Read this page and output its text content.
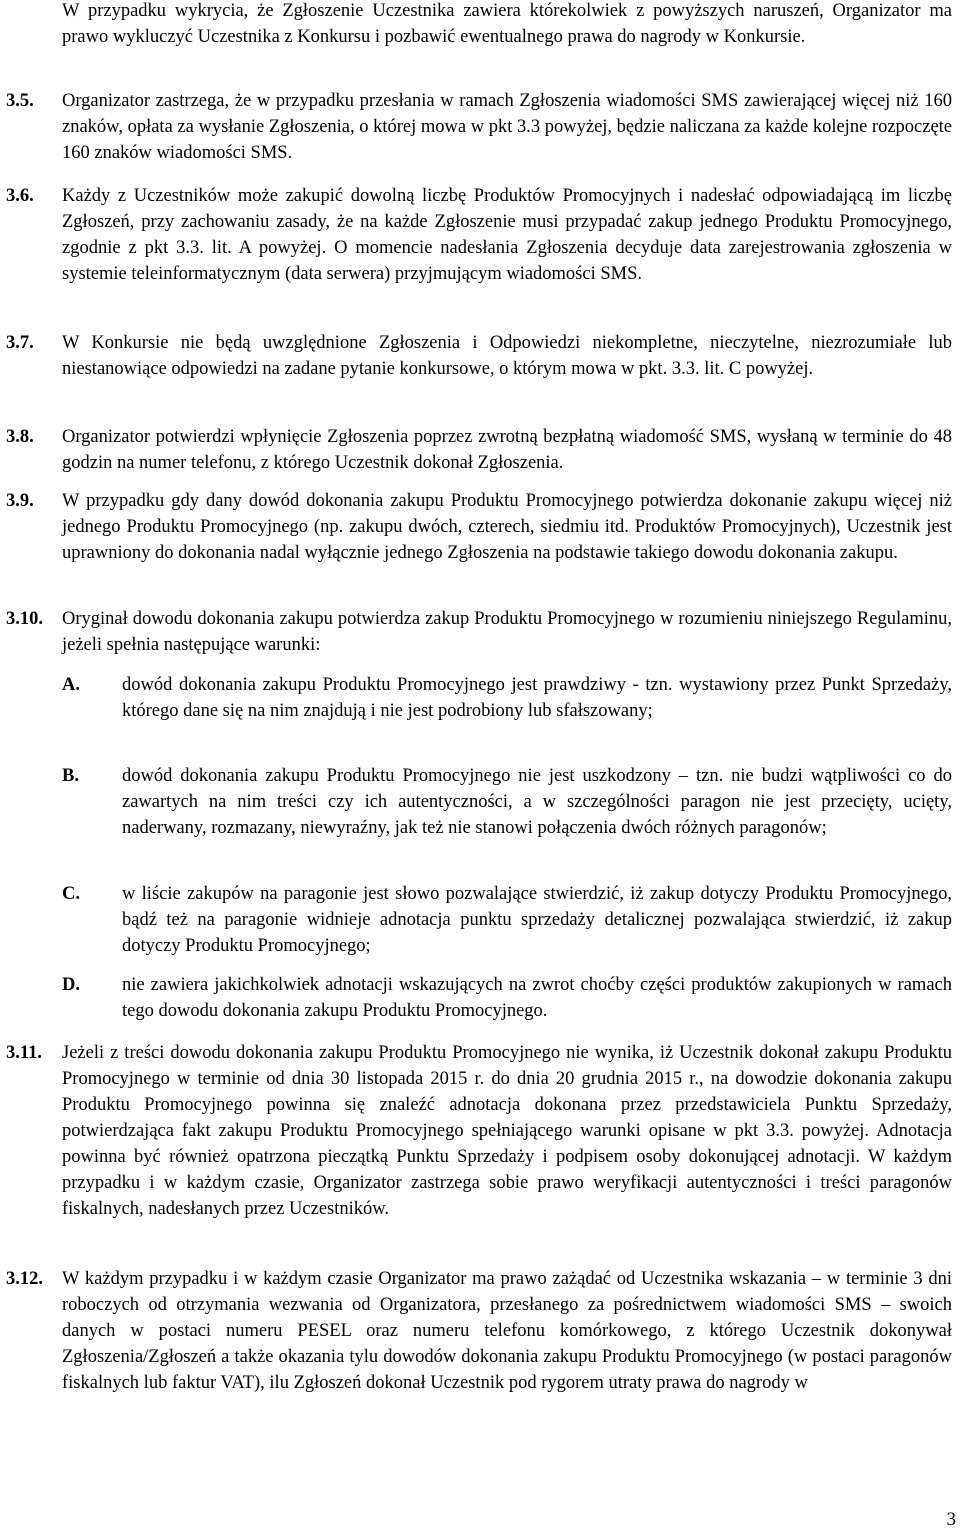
W przypadku wykrycia, że Zgłoszenie Uczestnika zawiera którekolwiek z powyższych naruszeń, Organizator ma prawo wykluczyć Uczestnika z Konkursu i pozbawić ewentualnego prawa do nagrody w Konkursie.
3.5. Organizator zastrzega, że w przypadku przesłania w ramach Zgłoszenia wiadomości SMS zawierającej więcej niż 160 znaków, opłata za wysłanie Zgłoszenia, o której mowa w pkt 3.3 powyżej, będzie naliczana za każde kolejne rozpoczęte 160 znaków wiadomości SMS.
3.6. Każdy z Uczestników może zakupić dowolną liczbę Produktów Promocyjnych i nadesłać odpowiadającą im liczbę Zgłoszeń, przy zachowaniu zasady, że na każde Zgłoszenie musi przypadać zakup jednego Produktu Promocyjnego, zgodnie z pkt 3.3. lit. A powyżej. O momencie nadesłania Zgłoszenia decyduje data zarejestrowania zgłoszenia w systemie teleinformatycznym (data serwera) przyjmującym wiadomości SMS.
3.7. W Konkursie nie będą uwzględnione Zgłoszenia i Odpowiedzi niekompletne, nieczytelne, niezrozumiałe lub niestanowiące odpowiedzi na zadane pytanie konkursowe, o którym mowa w pkt. 3.3. lit. C powyżej.
3.8. Organizator potwierdzi wpłynięcie Zgłoszenia poprzez zwrotną bezpłatną wiadomość SMS, wysłaną w terminie do 48 godzin na numer telefonu, z którego Uczestnik dokonał Zgłoszenia.
3.9. W przypadku gdy dany dowód dokonania zakupu Produktu Promocyjnego potwierdza dokonanie zakupu więcej niż jednego Produktu Promocyjnego (np. zakupu dwóch, czterech, siedmiu itd. Produktów Promocyjnych), Uczestnik jest uprawniony do dokonania nadal wyłącznie jednego Zgłoszenia na podstawie takiego dowodu dokonania zakupu.
3.10. Oryginał dowodu dokonania zakupu potwierdza zakup Produktu Promocyjnego w rozumieniu niniejszego Regulaminu, jeżeli spełnia następujące warunki:
A. dowód dokonania zakupu Produktu Promocyjnego jest prawdziwy - tzn. wystawiony przez Punkt Sprzedaży, którego dane się na nim znajdują i nie jest podrobiony lub sfałszowany;
B. dowód dokonania zakupu Produktu Promocyjnego nie jest uszkodzony – tzn. nie budzi wątpliwości co do zawartych na nim treści czy ich autentyczności, a w szczególności paragon nie jest przecięty, ucięty, naderwany, rozmazany, niewyraźny, jak też nie stanowi połączenia dwóch różnych paragonów;
C. w liście zakupów na paragonie jest słowo pozwalające stwierdzić, iż zakup dotyczy Produktu Promocyjnego, bądź też na paragonie widnieje adnotacja punktu sprzedaży detalicznej pozwalająca stwierdzić, iż zakup dotyczy Produktu Promocyjnego;
D. nie zawiera jakichkolwiek adnotacji wskazujących na zwrot choćby części produktów zakupionych w ramach tego dowodu dokonania zakupu Produktu Promocyjnego.
3.11. Jeżeli z treści dowodu dokonania zakupu Produktu Promocyjnego nie wynika, iż Uczestnik dokonał zakupu Produktu Promocyjnego w terminie od dnia 30 listopada 2015 r. do dnia 20 grudnia 2015 r., na dowodzie dokonania zakupu Produktu Promocyjnego powinna się znaleźć adnotacja dokonana przez przedstawiciela Punktu Sprzedaży, potwierdzająca fakt zakupu Produktu Promocyjnego spełniającego warunki opisane w pkt 3.3. powyżej. Adnotacja powinna być również opatrzona pieczątką Punktu Sprzedaży i podpisem osoby dokonującej adnotacji. W każdym przypadku i w każdym czasie, Organizator zastrzega sobie prawo weryfikacji autentyczności i treści paragonów fiskalnych, nadesłanych przez Uczestników.
3.12. W każdym przypadku i w każdym czasie Organizator ma prawo zażądać od Uczestnika wskazania – w terminie 3 dni roboczych od otrzymania wezwania od Organizatora, przesłanego za pośrednictwem wiadomości SMS – swoich danych w postaci numeru PESEL oraz numeru telefonu komórkowego, z którego Uczestnik dokonywał Zgłoszenia/Zgłoszeń a także okazania tylu dowodów dokonania zakupu Produktu Promocyjnego (w postaci paragonów fiskalnych lub faktur VAT), ilu Zgłoszeń dokonał Uczestnik pod rygorem utraty prawa do nagrody w
3
